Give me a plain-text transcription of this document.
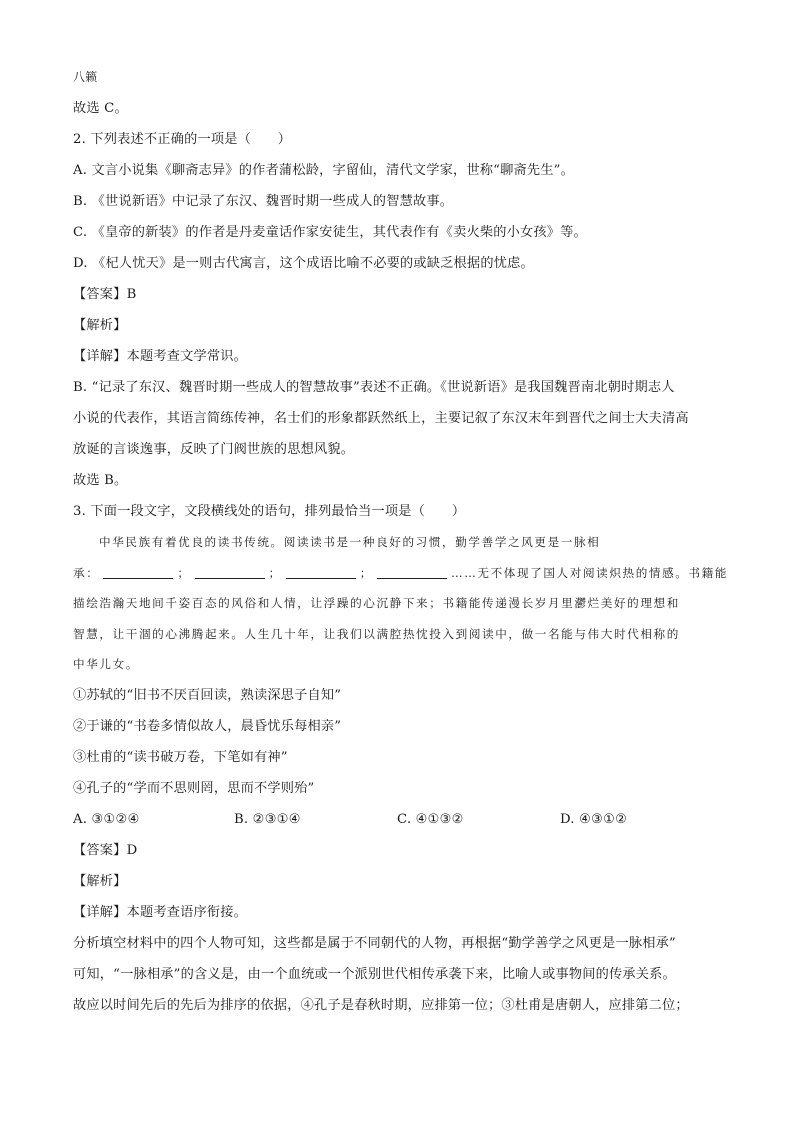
八籁
故选 C。
2. 下列表述不正确的一项是（　　）
A. 文言小说集《聊斋志异》的作者蒲松龄，字留仙，清代文学家，世称“聊斋先生”。
B. 《世说新语》中记录了东汉、魏晋时期一些成人的智慧故事。
C. 《皇帝的新装》的作者是丹麦童话作家安徒生，其代表作有《卖火柴的小女孩》等。
D. 《杞人忧天》是一则古代寓言，这个成语比喻不必要的或缺乏根据的忧虑。
【答案】B
【解析】
【详解】本题考查文学常识。
B. “记录了东汉、魏晋时期一些成人的智慧故事”表述不正确。《世说新语》是我国魏晋南北朝时期志人
小说的代表作，其语言简练传神，名士们的形象都跃然纸上，主要记叙了东汉末年到晋代之间士大夫清高
放诞的言谈逸事，反映了门阀世族的思想风貌。
故选 B。
3. 下面一段文字，文段横线处的语句，排列最恰当一项是（　　）
中华民族有着优良的读书传统。阅读读书是一种良好的习惯，勤学善学之风更是一脉相
承：	；	；	；	……无不体现了国人对阅读炽热的情感。书籍能
描绘浩瀚天地间千姿百态的风俗和人情，让浮躁的心沉静下来；书籍能传递漫长岁月里灪烂美好的理想和
智慧，让干涸的心沸腾起来。人生几十年，让我们以满腔热忱投入到阅读中，做一名能与伟大时代相称的
中华儿女。
①苏轼的“旧书不厌百回读，熟读深思子自知”
②于谦的“书卷多情似故人，晨昏忧乐每相亲”
③杜甫的“读书破万卷，下笔如有神”
④孔子的“学而不思则罔，思而不学则殆”
A. ③①②④	B. ②③①④	C. ④①③②	D. ④③①②
【答案】D
【解析】
【详解】本题考查语序衔接。
分析填空材料中的四个人物可知，这些都是属于不同朝代的人物，再根据“勤学善学之风更是一脉相承”
可知，“一脉相承”的含义是，由一个血统或一个派别世代相传承袭下来，比喻人或事物间的传承关系。
故应以时间先后的先后为排序的依据，④孔子是春秋时期，应排第一位；③杜甫是唐朝人，应排第二位；
